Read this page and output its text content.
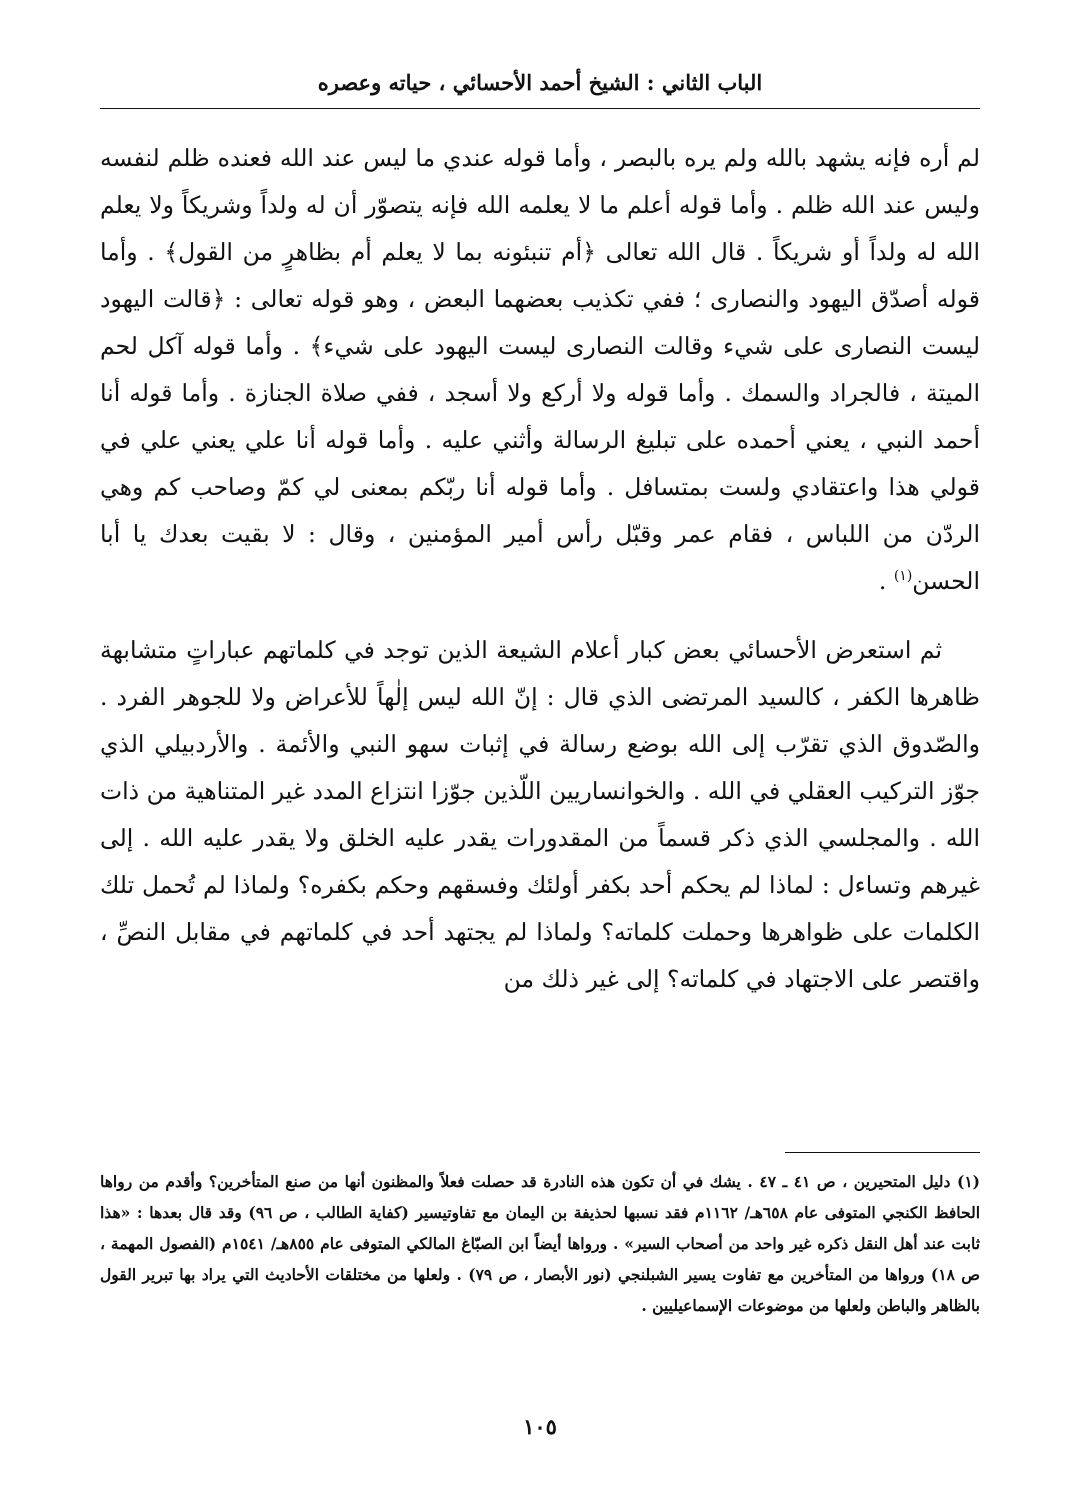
الباب الثاني : الشيخ أحمد الأحسائي ، حياته وعصره

لم أره فإنه يشهد بالله ولم يره بالبصر ، وأما قوله عندي ما ليس عند الله فعنده ظلم لنفسه وليس عند الله ظلم . وأما قوله أعلم ما لا يعلمه الله فإنه يتصوّر أن له ولداً وشريكاً ولا يعلم الله له ولداً أو شريكاً . قال الله تعالى ﴿أم تنبئونه بما لا يعلم أم بظاهرٍ من القول﴾ . وأما قوله أصدّق اليهود والنصارى ؛ ففي تكذيب بعضهما البعض ، وهو قوله تعالى : ﴿قالت اليهود ليست النصارى على شيء وقالت النصارى ليست اليهود على شيء﴾ . وأما قوله آكل لحم الميتة ، فالجراد والسمك . وأما قوله ولا أركع ولا أسجد ، ففي صلاة الجنازة . وأما قوله أنا أحمد النبي ، يعني أحمده على تبليغ الرسالة وأثني عليه . وأما قوله أنا علي يعني علي في قولي هذا واعتقادي ولست بمتسافل . وأما قوله أنا ربّكم بمعنى لي كمّ وصاحب كم وهي الردّن من اللباس ، فقام عمر وقبّل رأس أمير المؤمنين ، وقال : لا بقيت بعدك يا أبا الحسن$^{(١)}$ .

ثم استعرض الأحسائي بعض كبار أعلام الشيعة الذين توجد في كلماتهم عباراتٍ متشابهة ظاهرها الكفر ، كالسيد المرتضى الذي قال : إنّ الله ليس إلٰهاً للأعراض ولا للجوهر الفرد . والصّدوق الذي تقرّب إلى الله بوضع رسالة في إثبات سهو النبي والأئمة . والأردبيلي الذي جوّز التركيب العقلي في الله . والخوانساريين اللّذين جوّزا انتزاع المدد غير المتناهية من ذات الله . والمجلسي الذي ذكر قسماً من المقدورات يقدر عليه الخلق ولا يقدر عليه الله . إلى غيرهم وتساءل : لماذا لم يحكم أحد بكفر أولئك وفسقهم وحكم بكفره؟ ولماذا لم تُحمل تلك الكلمات على ظواهرها وحملت كلماته؟ ولماذا لم يجتهد أحد في كلماتهم في مقابل النصِّ ، واقتصر على الاجتهاد في كلماته؟ إلى غير ذلك من

(١) دليل المتحيرين ، ص ٤١ ـ ٤٧ . يشك في أن تكون هذه النادرة قد حصلت فعلاً والمظنون أنها من صنع المتأخرين؟ وأقدم من رواها الحافظ الكنجي المتوفى عام ٦٥٨هـ/ ١١٦٢م فقد نسبها لحذيفة بن اليمان مع تفاوتيسير (كفاية الطالب ، ص ٩٦) وقد قال بعدها : «هذا ثابت عند أهل النقل ذكره غير واحد من أصحاب السير» . ورواها أيضاً ابن الصبّاغ المالكي المتوفى عام ٨٥٥هـ/ ١٥٤١م (الفصول المهمة ، ص ١٨) ورواها من المتأخرين مع تفاوت يسير الشبلنجي (نور الأبصار ، ص ٧٩) . ولعلها من مختلقات الأحاديث التي يراد بها تبرير القول بالظاهر والباطن ولعلها من موضوعات الإسماعيليين .

١٠٥
